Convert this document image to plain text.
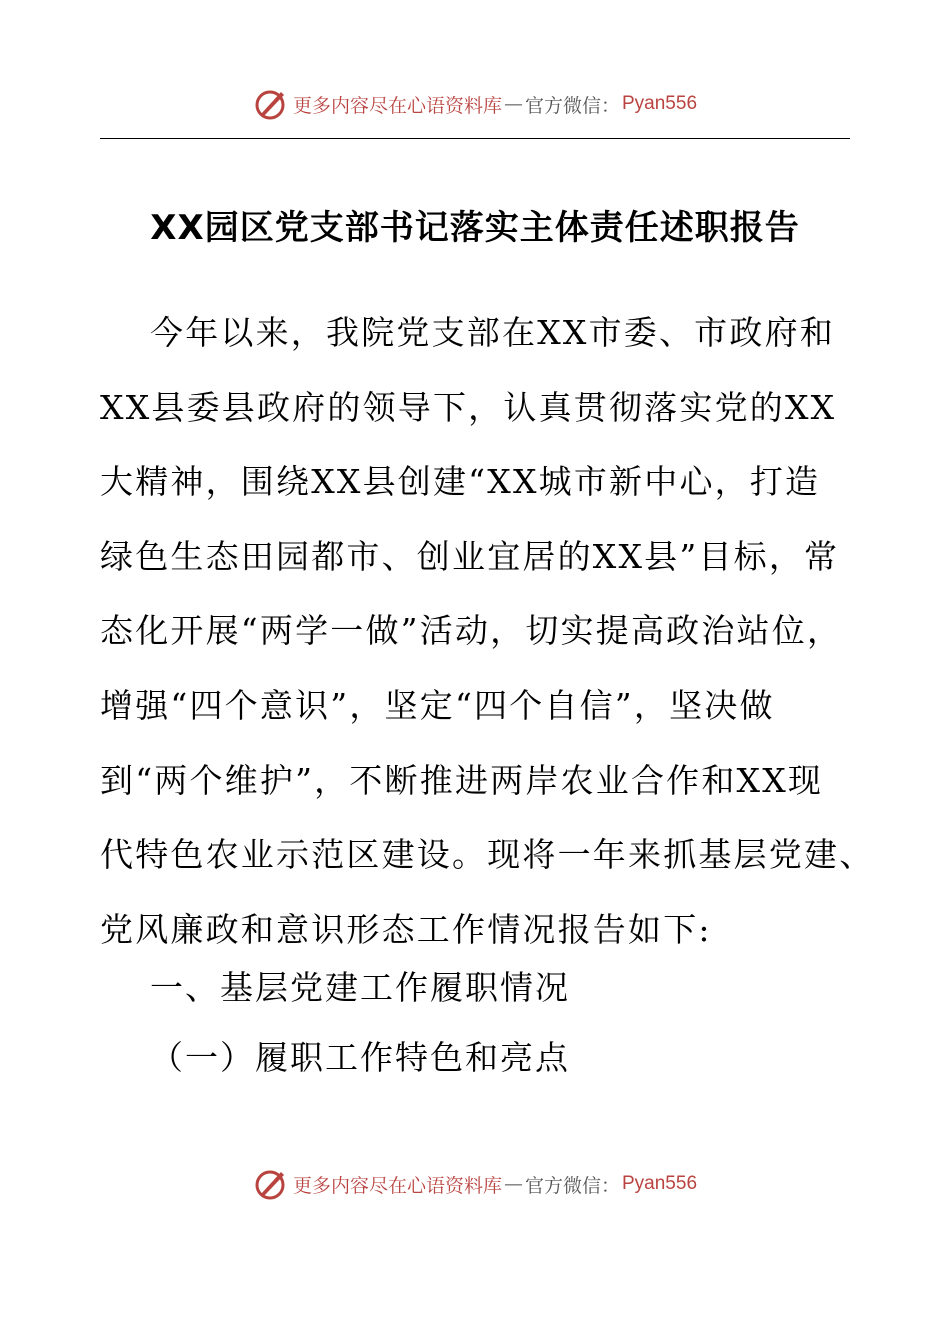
更多内容尽在心语资料库 — 官方微信： Pyan556
XX园区党支部书记落实主体责任述职报告
今年以来，我院党支部在XX市委、市政府和
XX县委县政府的领导下，认真贯彻落实党的XX
大精神，围绕XX县创建“XX城市新中心，打造
绿色生态田园都市、创业宜居的XX县”目标，常
态化开展“两学一做”活动，切实提高政治站位，
增强“四个意识”，坚定“四个自信”，坚决做
到“两个维护”，不断推进两岸农业合作和XX现
代特色农业示范区建设。现将一年来抓基层党建、
党风廉政和意识形态工作情况报告如下:
一、基层党建工作履职情况
（一）履职工作特色和亮点
更多内容尽在心语资料库 — 官方微信： Pyan556
